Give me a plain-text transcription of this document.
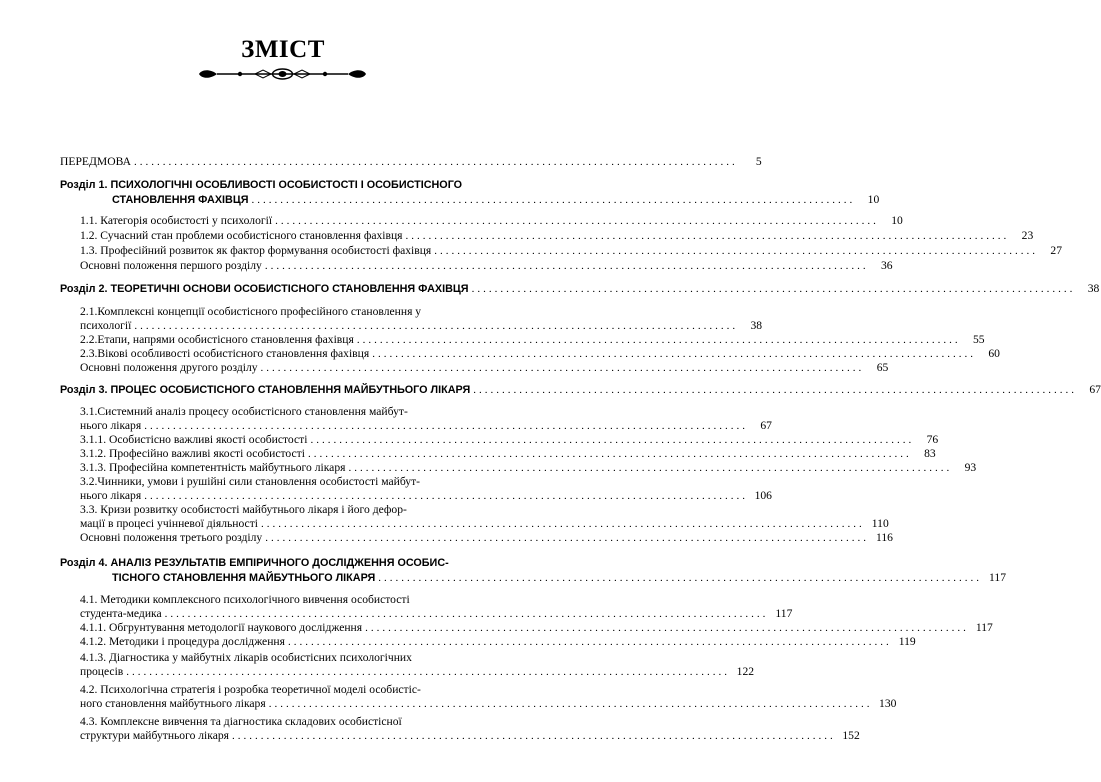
ЗМІСТ
ПЕРЕДМОВА .........................................................................................................	5
Розділ 1. ПСИХОЛОГІЧНІ ОСОБЛИВОСТІ ОСОБИСТОСТІ І ОСОБИСТІСНОГО
СТАНОВЛЕННЯ ФАХІВЦЯ .........................................................................................................	10
1.1. Категорія особистості у психології .........................................................................................................	10
1.2. Сучасний стан проблеми особистісного становлення фахівця .........................................................................................................	23
1.3. Професійний розвиток як фактор формування особистості фахівця .........................................................................................................	27
Основні положення першого розділу .........................................................................................................	36
Розділ 2. ТЕОРЕТИЧНІ ОСНОВИ ОСОБИСТІСНОГО СТАНОВЛЕННЯ ФАХІВЦЯ .........................................................................................................	38
2.1.Комплексні концепції особистісного професійного становлення у
психології .........................................................................................................	38
2.2.Етапи, напрями особистісного становлення фахівця .........................................................................................................	55
2.3.Вікові особливості особистісного становлення фахівця .........................................................................................................	60
Основні положення другого розділу .........................................................................................................	65
Розділ 3. ПРОЦЕС ОСОБИСТІСНОГО СТАНОВЛЕННЯ МАЙБУТНЬОГО ЛІКАРЯ .........................................................................................................	67
3.1.Системний аналіз процесу особистісного становлення майбут-
нього лікаря .........................................................................................................	67
3.1.1. Особистісно важливі якості особистості .........................................................................................................	76
3.1.2. Професійно важливі якості особистості .........................................................................................................	83
3.1.3. Професійна компетентність майбутнього лікаря .........................................................................................................	93
3.2.Чинники, умови і рушійні сили становлення особистості майбут-
нього лікаря ......................................................................................................... 106
3.3. Кризи розвитку особистості майбутнього лікаря і його дефор-
мації в процесі учінневої діяльності ......................................................................................................... 110
Основні положення третього розділу ......................................................................................................... 116
Розділ 4. АНАЛІЗ РЕЗУЛЬТАТІВ ЕМПІРИЧНОГО ДОСЛІДЖЕННЯ ОСОБИС-
ТІСНОГО СТАНОВЛЕННЯ МАЙБУТНЬОГО ЛІКАРЯ ......................................................................................................... 117
4.1. Методики комплексного психологічного вивчення особистості
студента-медика ......................................................................................................... 117
4.1.1. Обгрунтування методології наукового дослідження ......................................................................................................... 117
4.1.2. Методики і процедура дослідження ......................................................................................................... 119
4.1.3. Діагностика у майбутніх лікарів особистісних психологічних
процесів ......................................................................................................... 122
4.2. Психологічна стратегія і розробка теоретичної моделі особистіс-
ного становлення майбутнього лікаря ......................................................................................................... 130
4.3. Комплексне вивчення та діагностика складових особистісної
структури майбутнього лікаря ......................................................................................................... 152
